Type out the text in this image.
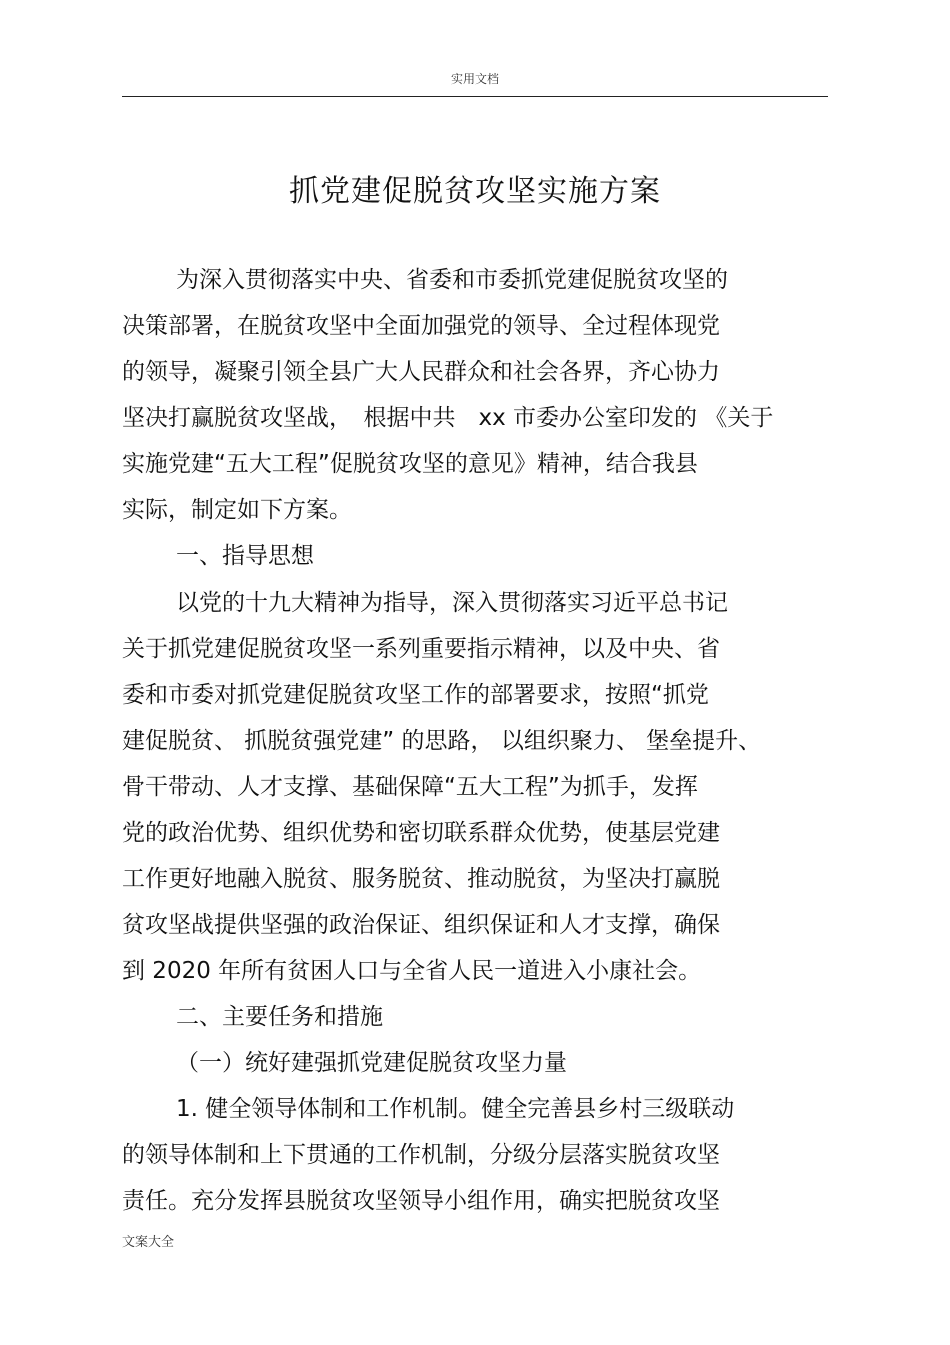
实用文档
抓党建促脱贫攻坚实施方案
为深入贯彻落实中央、省委和市委抓党建促脱贫攻坚的
决策部署，在脱贫攻坚中全面加强党的领导、全过程体现党
的领导，凝聚引领全县广大人民群众和社会各界，齐心协力
坚决打赢脱贫攻坚战，　根据中共　xx 市委办公室印发的 《关于
实施党建“五大工程”促脱贫攻坚的意见》精神，结合我县
实际，制定如下方案。
一、指导思想
以党的十九大精神为指导，深入贯彻落实习近平总书记
关于抓党建促脱贫攻坚一系列重要指示精神，以及中央、省
委和市委对抓党建促脱贫攻坚工作的部署要求，按照“抓党
建促脱贫、 抓脱贫强党建” 的思路， 以组织聚力、 堡垒提升、
骨干带动、人才支撑、基础保障“五大工程”为抓手，发挥
党的政治优势、组织优势和密切联系群众优势，使基层党建
工作更好地融入脱贫、服务脱贫、推动脱贫，为坚决打赢脱
贫攻坚战提供坚强的政治保证、组织保证和人才支撑，确保
到 2020 年所有贫困人口与全省人民一道进入小康社会。
二、主要任务和措施
（一）统好建强抓党建促脱贫攻坚力量
1. 健全领导体制和工作机制。健全完善县乡村三级联动
的领导体制和上下贯通的工作机制，分级分层落实脱贫攻坚
责任。充分发挥县脱贫攻坚领导小组作用，确实把脱贫攻坚
文案大全
